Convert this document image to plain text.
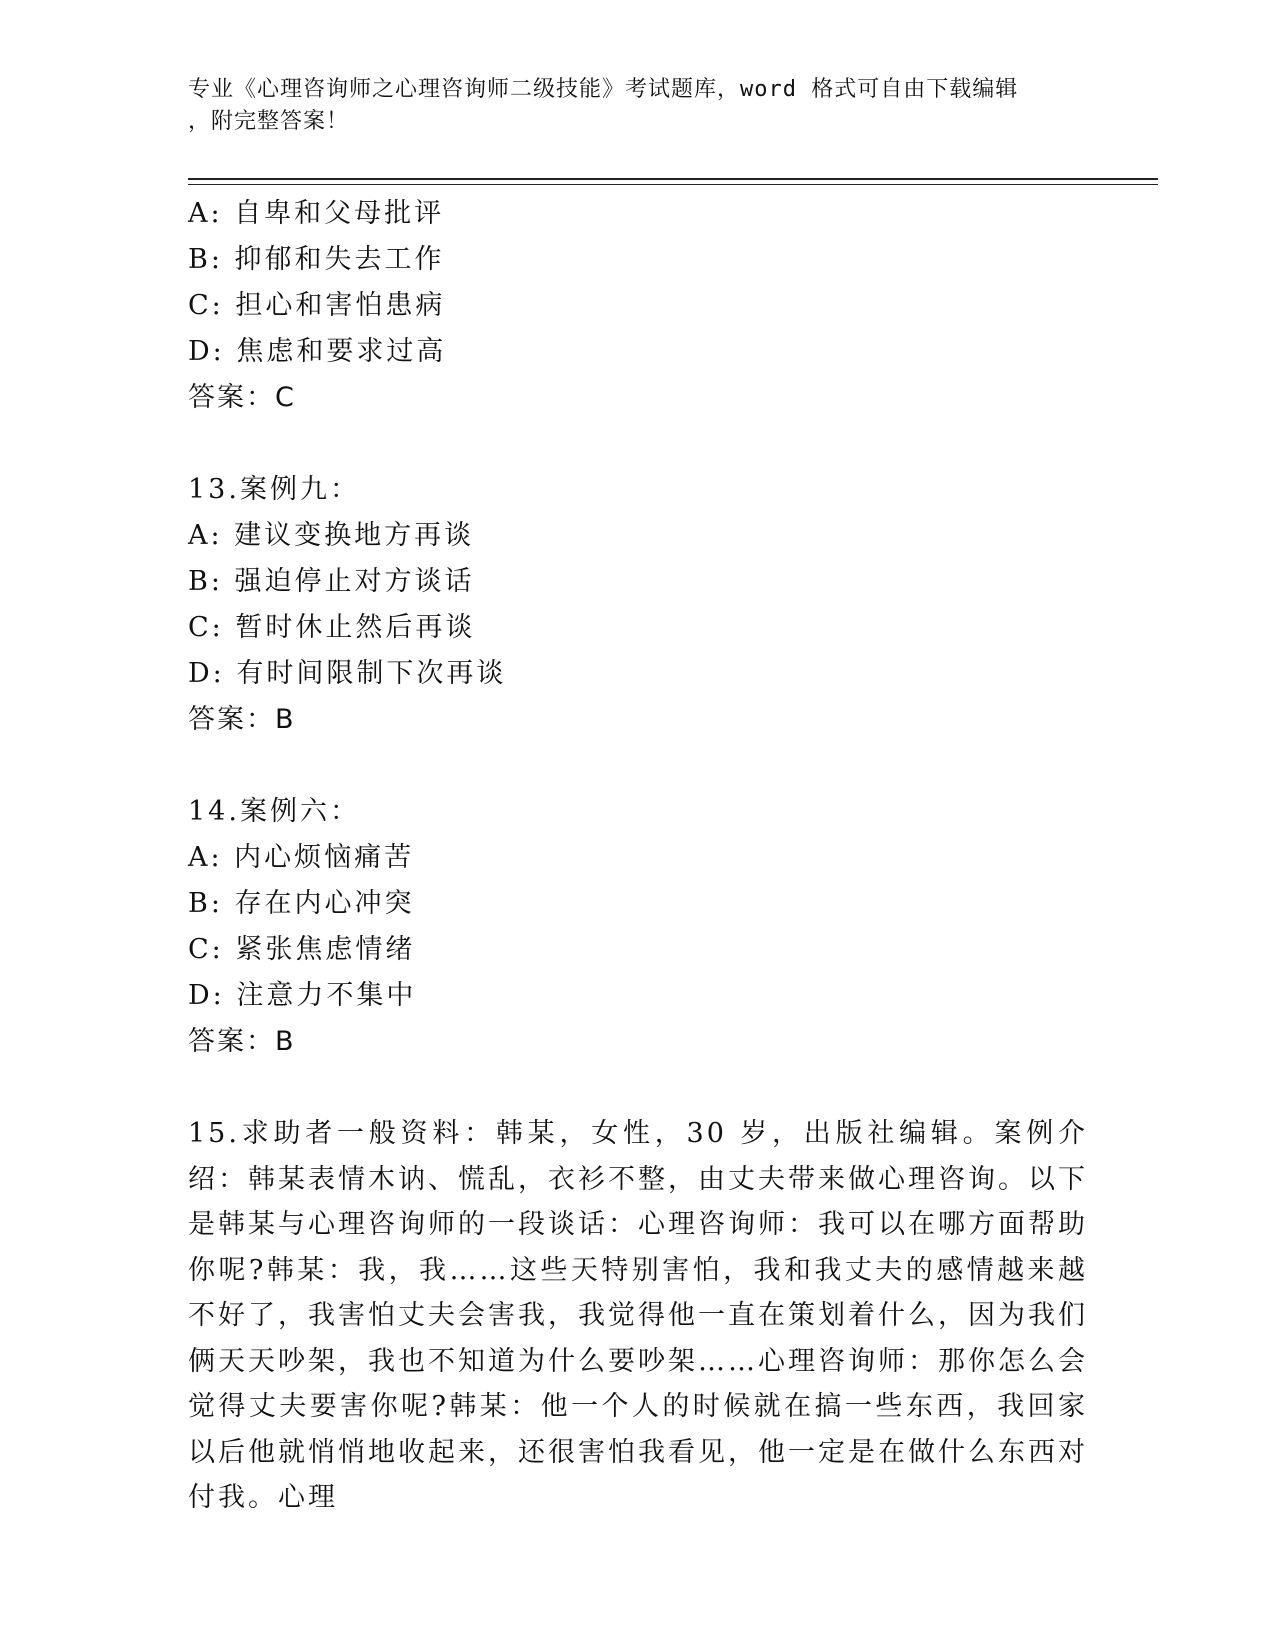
专业《心理咨询师之心理咨询师二级技能》考试题库，word 格式可自由下载编辑
，附完整答案！
A: 自卑和父母批评
B: 抑郁和失去工作
C: 担心和害怕患病
D: 焦虑和要求过高
答案：C
13.案例九：
A: 建议变换地方再谈
B: 强迫停止对方谈话
C: 暂时休止然后再谈
D: 有时间限制下次再谈
答案：B
14.案例六：
A: 内心烦恼痛苦
B: 存在内心冲突
C: 紧张焦虑情绪
D: 注意力不集中
答案：B

15.求助者一般资料：韩某，女性，30 岁，出版社编辑。案例介绍：韩某表情木讷、慌乱，衣衫不整，由丈夫带来做心理咨询。以下是韩某与心理咨询师的一段谈话：心理咨询师：我可以在哪方面帮助你呢?韩某：我，我……这些天特别害怕，我和我丈夫的感情越来越不好了，我害怕丈夫会害我，我觉得他一直在策划着什么，因为我们俩天天吵架，我也不知道为什么要吵架……心理咨询师：那你怎么会觉得丈夫要害你呢?韩某：他一个人的时候就在搞一些东西，我回家以后他就悄悄地收起来，还很害怕我看见，他一定是在做什么东西对付我。心理
